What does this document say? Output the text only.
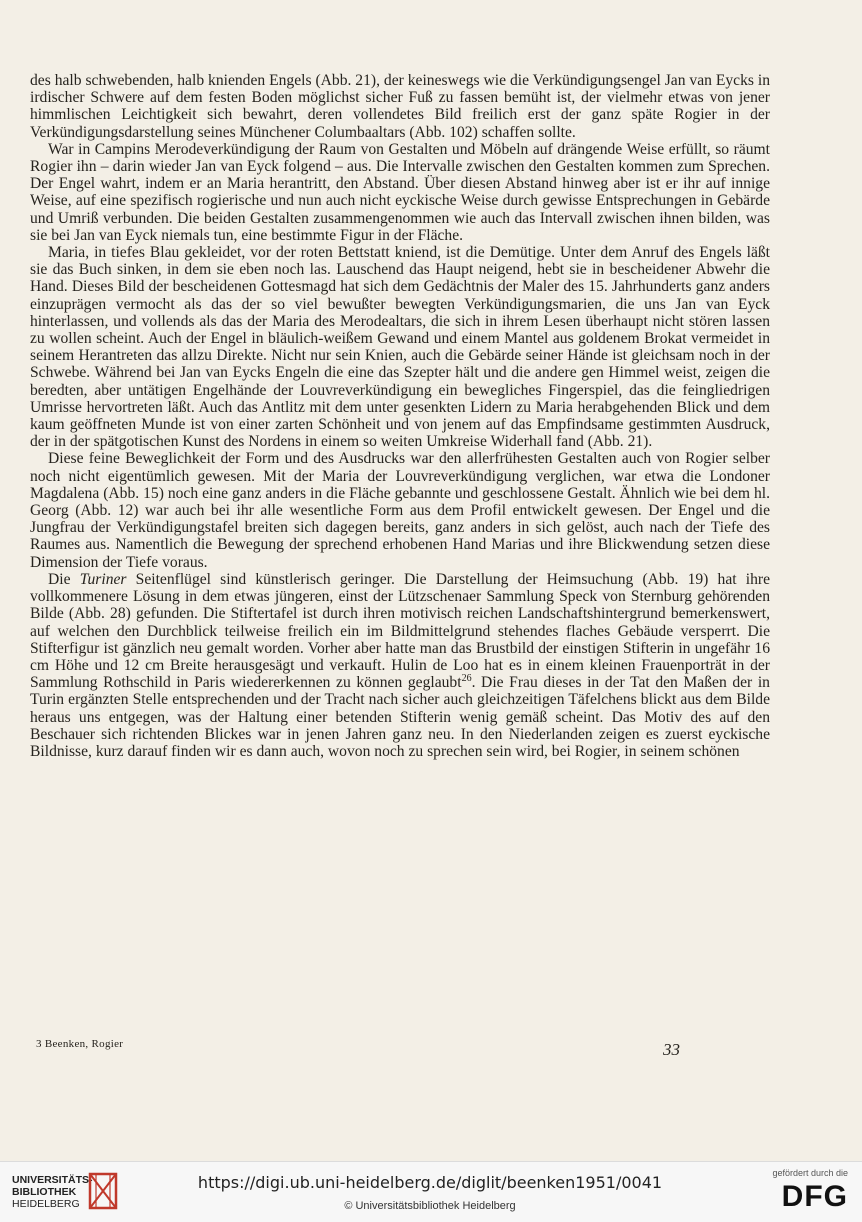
des halb schwebenden, halb knienden Engels (Abb. 21), der keineswegs wie die Verkündigungsengel Jan van Eycks in irdischer Schwere auf dem festen Boden möglichst sicher Fuß zu fassen bemüht ist, der vielmehr etwas von jener himmlischen Leichtigkeit sich bewahrt, deren vollendetes Bild freilich erst der ganz späte Rogier in der Verkündigungsdarstellung seines Münchener Columbaaltars (Abb. 102) schaffen sollte.

War in Campins Merodeverkündigung der Raum von Gestalten und Möbeln auf drängende Weise erfüllt, so räumt Rogier ihn – darin wieder Jan van Eyck folgend – aus. Die Intervalle zwischen den Gestalten kommen zum Sprechen. Der Engel wahrt, indem er an Maria herantritt, den Abstand. Über diesen Abstand hinweg aber ist er ihr auf innige Weise, auf eine spezifisch rogierische und nun auch nicht eyckische Weise durch gewisse Entsprechungen in Gebärde und Umriß verbunden. Die beiden Gestalten zusammengenommen wie auch das Intervall zwischen ihnen bilden, was sie bei Jan van Eyck niemals tun, eine bestimmte Figur in der Fläche.

Maria, in tiefes Blau gekleidet, vor der roten Bettstatt kniend, ist die Demütige. Unter dem Anruf des Engels läßt sie das Buch sinken, in dem sie eben noch las. Lauschend das Haupt neigend, hebt sie in bescheidener Abwehr die Hand. Dieses Bild der bescheidenen Gottesmagd hat sich dem Gedächtnis der Maler des 15. Jahrhunderts ganz anders einzuprägen vermocht als das der so viel bewußter bewegten Verkündigungsmarien, die uns Jan van Eyck hinterlassen, und vollends als das der Maria des Merodealtars, die sich in ihrem Lesen überhaupt nicht stören lassen zu wollen scheint. Auch der Engel in bläulich-weißem Gewand und einem Mantel aus goldenem Brokat vermeidet in seinem Herantreten das allzu Direkte. Nicht nur sein Knien, auch die Gebärde seiner Hände ist gleichsam noch in der Schwebe. Während bei Jan van Eycks Engeln die eine das Szepter hält und die andere gen Himmel weist, zeigen die beredten, aber untätigen Engelhände der Louvreverkündigung ein bewegliches Fingerspiel, das die feingliedrigen Umrisse hervortreten läßt. Auch das Antlitz mit dem unter gesenkten Lidern zu Maria herabgehenden Blick und dem kaum geöffneten Munde ist von einer zarten Schönheit und von jenem auf das Empfindsame gestimmten Ausdruck, der in der spätgotischen Kunst des Nordens in einem so weiten Umkreise Widerhall fand (Abb. 21).

Diese feine Beweglichkeit der Form und des Ausdrucks war den allerfrühesten Gestalten auch von Rogier selber noch nicht eigentümlich gewesen. Mit der Maria der Louvreverkündigung verglichen, war etwa die Londoner Magdalena (Abb. 15) noch eine ganz anders in die Fläche gebannte und geschlossene Gestalt. Ähnlich wie bei dem hl. Georg (Abb. 12) war auch bei ihr alle wesentliche Form aus dem Profil entwickelt gewesen. Der Engel und die Jungfrau der Verkündigungstafel breiten sich dagegen bereits, ganz anders in sich gelöst, auch nach der Tiefe des Raumes aus. Namentlich die Bewegung der sprechend erhobenen Hand Marias und ihre Blickwendung setzen diese Dimension der Tiefe voraus.

Die Turiner Seitenflügel sind künstlerisch geringer. Die Darstellung der Heimsuchung (Abb. 19) hat ihre vollkommenere Lösung in dem etwas jüngeren, einst der Lützschenaer Sammlung Speck von Sternburg gehörenden Bilde (Abb. 28) gefunden. Die Stiftertafel ist durch ihren motivisch reichen Landschaftshintergrund bemerkenswert, auf welchen den Durchblick teilweise freilich ein im Bildmittelgrund stehendes flaches Gebäude versperrt. Die Stifterfigur ist gänzlich neu gemalt worden. Vorher aber hatte man das Brustbild der einstigen Stifterin in ungefähr 16 cm Höhe und 12 cm Breite herausgesägt und verkauft. Hulin de Loo hat es in einem kleinen Frauenporträt in der Sammlung Rothschild in Paris wiedererkennen zu können geglaubt$^{26}$. Die Frau dieses in der Tat den Maßen der in Turin ergänzten Stelle entsprechenden und der Tracht nach sicher auch gleichzeitigen Täfelchens blickt aus dem Bilde heraus uns entgegen, was der Haltung einer betenden Stifterin wenig gemäß scheint. Das Motiv des auf den Beschauer sich richtenden Blickes war in jenen Jahren ganz neu. In den Niederlanden zeigen es zuerst eyckische Bildnisse, kurz darauf finden wir es dann auch, wovon noch zu sprechen sein wird, bei Rogier, in seinem schönen

3 Beenken, Rogier	33
UNIVERSITÄTS-
BIBLIOTHEK
HEIDELBERG
https://digi.ub.uni-heidelberg.de/diglit/beenken1951/0041
© Universitätsbibliothek Heidelberg
gefördert durch die
DFG
